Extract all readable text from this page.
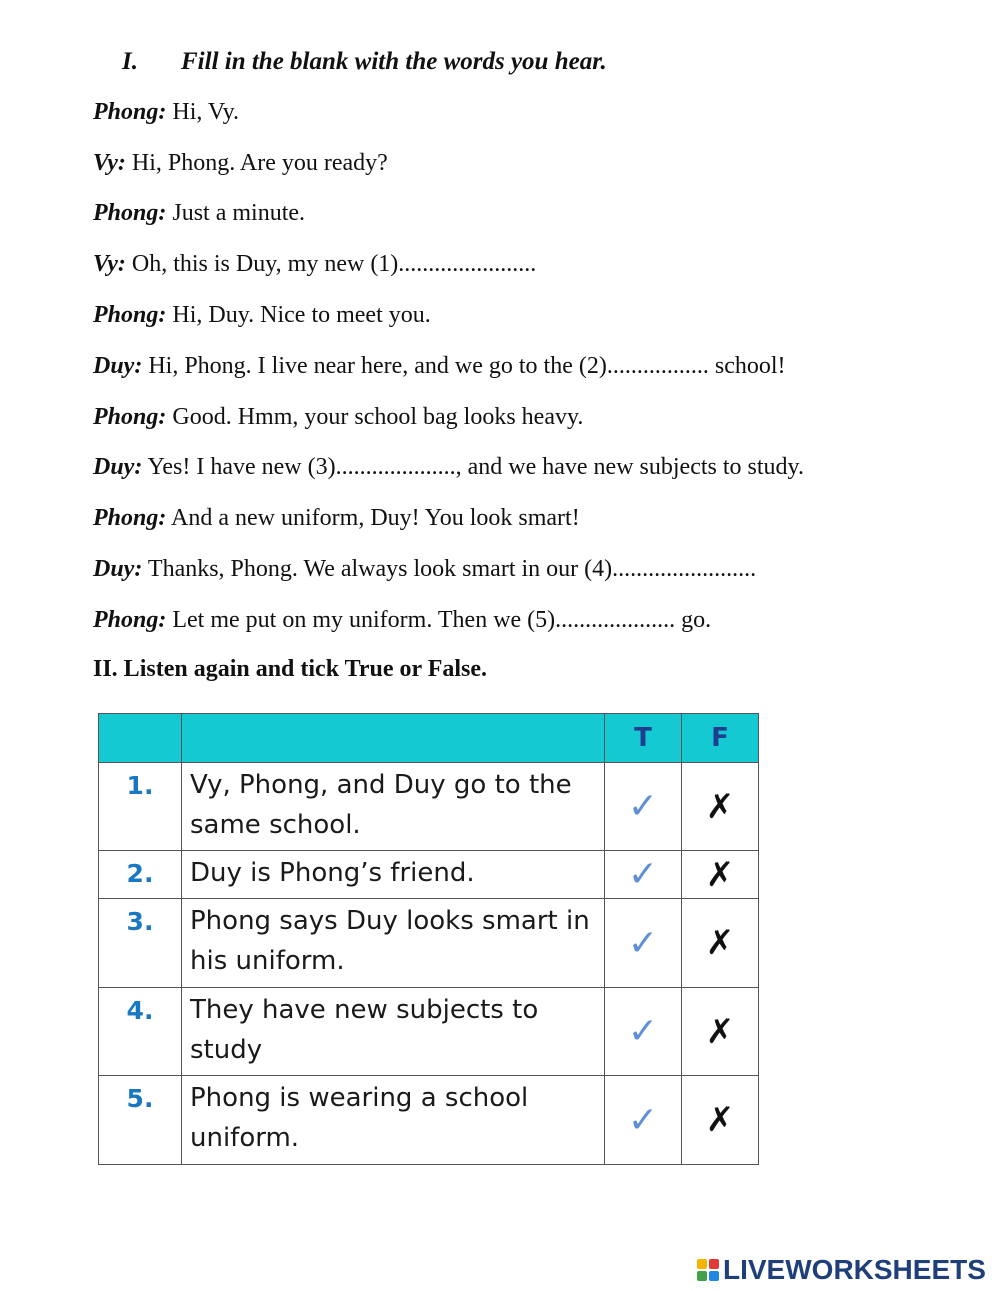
I. Fill in the blank with the words you hear.
Phong: Hi, Vy.
Vy: Hi, Phong. Are you ready?
Phong: Just a minute.
Vy: Oh, this is Duy, my new (1).......................
Phong: Hi, Duy. Nice to meet you.
Duy: Hi, Phong. I live near here, and we go to the (2)................. school!
Phong: Good. Hmm, your school bag looks heavy.
Duy: Yes! I have new (3)...................., and we have new subjects to study.
Phong: And a new uniform, Duy! You look smart!
Duy: Thanks, Phong. We always look smart in our (4)........................
Phong: Let me put on my uniform. Then we (5).................... go.
II. Listen again and tick True or False.
		T	F
1.	Vy, Phong, and Duy go to the same school.	✓	✗
2.	Duy is Phong’s friend.	✓	✗
3.	Phong says Duy looks smart in his uniform.	✓	✗
4.	They have new subjects to study	✓	✗
5.	Phong is wearing a school uniform.	✓	✗
LIVEWORKSHEETS
